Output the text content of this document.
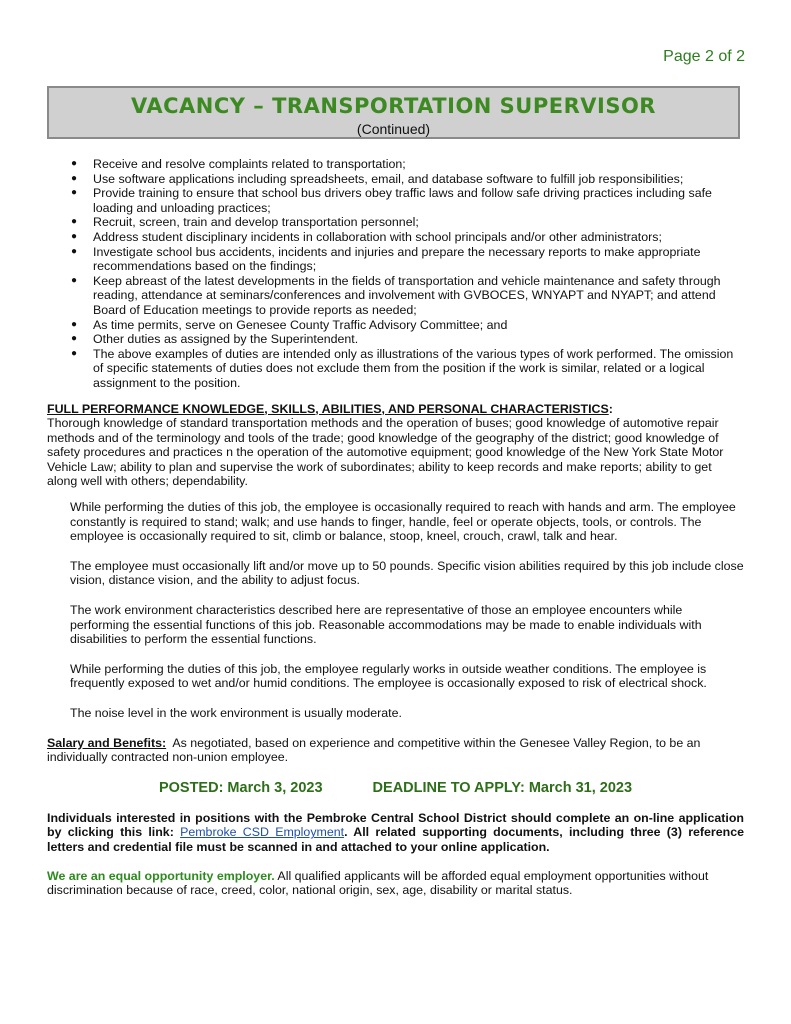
Page 2 of 2
VACANCY – TRANSPORTATION SUPERVISOR
(Continued)
● Receive and resolve complaints related to transportation;
● Use software applications including spreadsheets, email, and database software to fulfill job responsibilities;
● Provide training to ensure that school bus drivers obey traffic laws and follow safe driving practices including safe loading and unloading practices;
● Recruit, screen, train and develop transportation personnel;
● Address student disciplinary incidents in collaboration with school principals and/or other administrators;
● Investigate school bus accidents, incidents and injuries and prepare the necessary reports to make appropriate recommendations based on the findings;
● Keep abreast of the latest developments in the fields of transportation and vehicle maintenance and safety through reading, attendance at seminars/conferences and involvement with GVBOCES, WNYAPT and NYAPT; and attend Board of Education meetings to provide reports as needed;
● As time permits, serve on Genesee County Traffic Advisory Committee; and
● Other duties as assigned by the Superintendent.
● The above examples of duties are intended only as illustrations of the various types of work performed. The omission of specific statements of duties does not exclude them from the position if the work is similar, related or a logical assignment to the position.
FULL PERFORMANCE KNOWLEDGE, SKILLS, ABILITIES, AND PERSONAL CHARACTERISTICS:
Thorough knowledge of standard transportation methods and the operation of buses; good knowledge of automotive repair methods and of the terminology and tools of the trade; good knowledge of the geography of the district; good knowledge of safety procedures and practices n the operation of the automotive equipment; good knowledge of the New York State Motor Vehicle Law; ability to plan and supervise the work of subordinates; ability to keep records and make reports; ability to get along well with others; dependability.

While performing the duties of this job, the employee is occasionally required to reach with hands and arm. The employee constantly is required to stand; walk; and use hands to finger, handle, feel or operate objects, tools, or controls. The employee is occasionally required to sit, climb or balance, stoop, kneel, crouch, crawl, talk and hear.

The employee must occasionally lift and/or move up to 50 pounds. Specific vision abilities required by this job include close vision, distance vision, and the ability to adjust focus.

The work environment characteristics described here are representative of those an employee encounters while performing the essential functions of this job. Reasonable accommodations may be made to enable individuals with disabilities to perform the essential functions.

While performing the duties of this job, the employee regularly works in outside weather conditions. The employee is frequently exposed to wet and/or humid conditions. The employee is occasionally exposed to risk of electrical shock.

The noise level in the work environment is usually moderate.

Salary and Benefits: As negotiated, based on experience and competitive within the Genesee Valley Region, to be an individually contracted non-union employee.
POSTED: March 3, 2023	DEADLINE TO APPLY: March 31, 2023
Individuals interested in positions with the Pembroke Central School District should complete an on-line application by clicking this link: Pembroke CSD Employment. All related supporting documents, including three (3) reference letters and credential file must be scanned in and attached to your online application.
We are an equal opportunity employer. All qualified applicants will be afforded equal employment opportunities without discrimination because of race, creed, color, national origin, sex, age, disability or marital status.
